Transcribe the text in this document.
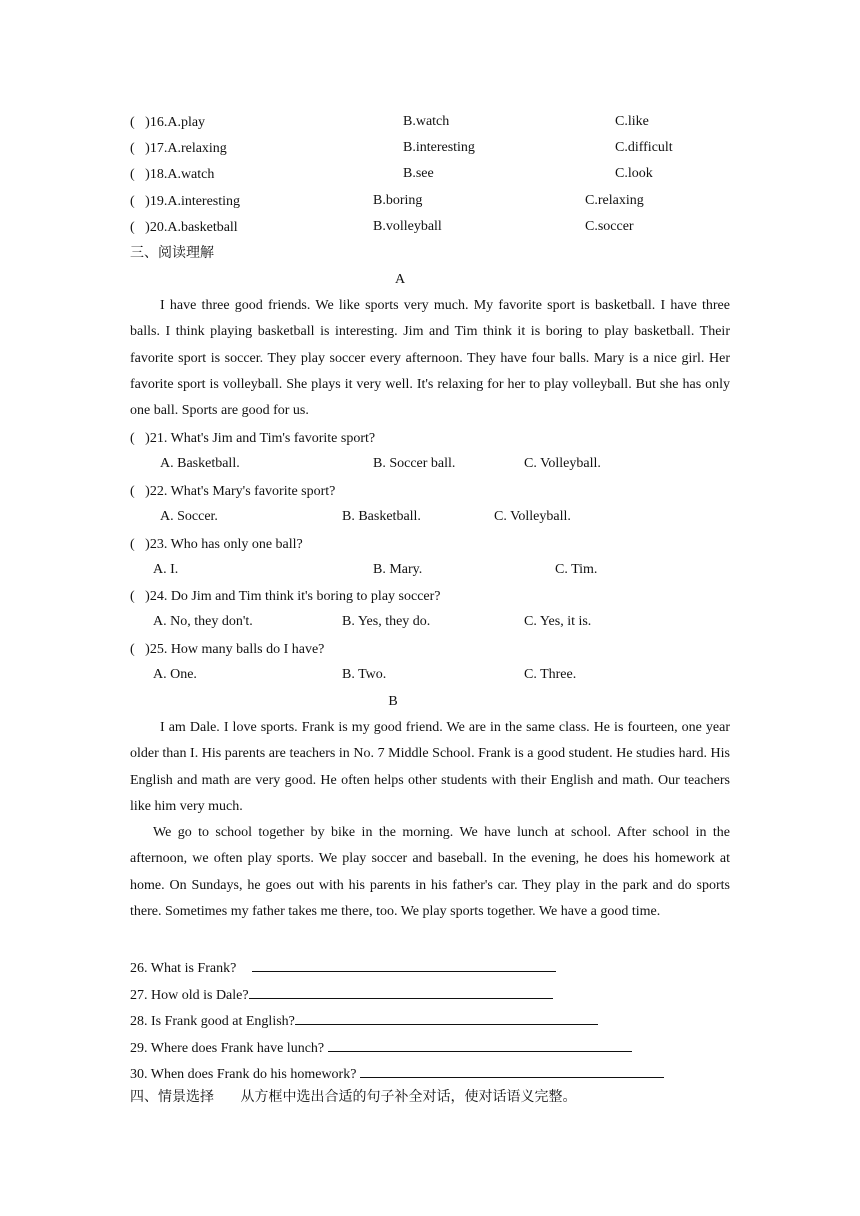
(   )16.A.play	B.watch	C.like
(   )17.A.relaxing	B.interesting	C.difficult
(   )18.A.watch	B.see	C.look
(   )19.A.interesting	B.boring	C.relaxing
(   )20.A.basketball	B.volleyball	C.soccer
三、阅读理解
A

I have three good friends. We like sports very much. My favorite sport is basketball. I have three balls. I think playing basketball is interesting. Jim and Tim think it is boring to play basketball. Their favorite sport is soccer. They play soccer every afternoon. They have four balls. Mary is a nice girl. Her favorite sport is volleyball. She plays it very well. It's relaxing for her to play volleyball. But she has only one ball. Sports are good for us.

(   )21. What's Jim and Tim's favorite sport?
A. Basketball.	B. Soccer ball.	C. Volleyball.
(   )22. What's Mary's favorite sport?
A. Soccer.	B. Basketball.	C. Volleyball.
(   )23. Who has only one ball?
A. I.	B. Mary.	C. Tim.
(   )24. Do Jim and Tim think it's boring to play soccer?
A. No, they don't.	B. Yes, they do.	C. Yes, it is.
(   )25. How many balls do I have?
A. One.	B. Two.	C. Three.
B

I am Dale. I love sports. Frank is my good friend. We are in the same class. He is fourteen, one year older than I. His parents are teachers in No. 7 Middle School. Frank is a good student. He studies hard. His English and math are very good. He often helps other students with their English and math. Our teachers like him very much.

We go to school together by bike in the morning. We have lunch at school. After school in the afternoon, we often play sports. We play soccer and baseball. In the evening, he does his homework at home. On Sundays, he goes out with his parents in his father's car. They play in the park and do sports there. Sometimes my father takes me there, too. We play sports together. We have a good time.

26. What is Frank?
27. How old is Dale?
28. Is Frank good at English?
29. Where does Frank have lunch?
30. When does Frank do his homework?
四、情景选择 从方框中选出合适的句子补全对话，使对话语义完整。
